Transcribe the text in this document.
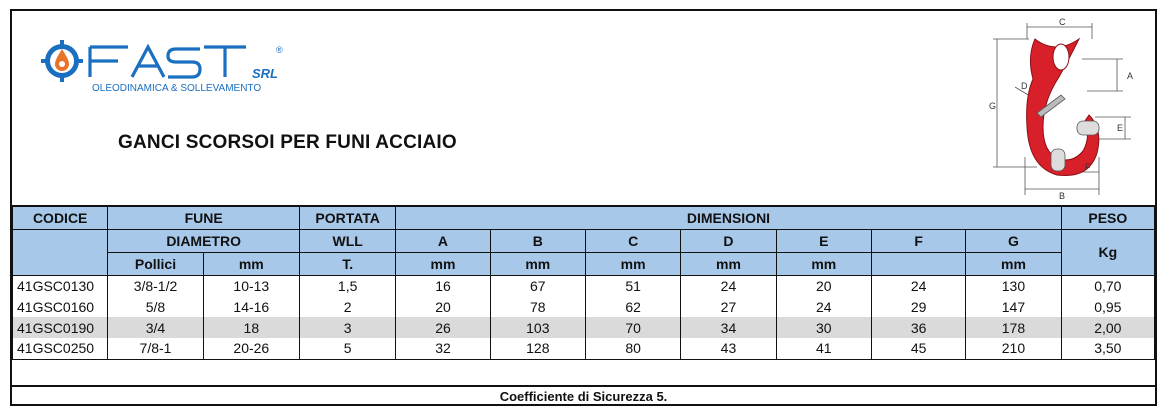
SRL
®
OLEODINAMICA & SOLLEVAMENTO
GANCI SCORSOI PER FUNI ACCIAIO
C
A
D
G
E
F
B
CODICE	FUNE		PORTATA	DIMENSIONI							PESO
	DIAMETRO		WLL	A	B	C	D	E	F	G	Kg
	Pollici	mm	T.	mm	mm	mm	mm	mm		mm	
41GSC0130	3/8-1/2	10-13	1,5	16	67	51	24	20	24	130	0,70
41GSC0160	5/8	14-16	2	20	78	62	27	24	29	147	0,95
41GSC0190	3/4	18	3	26	103	70	34	30	36	178	2,00
41GSC0250	7/8-1	20-26	5	32	128	80	43	41	45	210	3,50
Coefficiente di Sicurezza 5.
